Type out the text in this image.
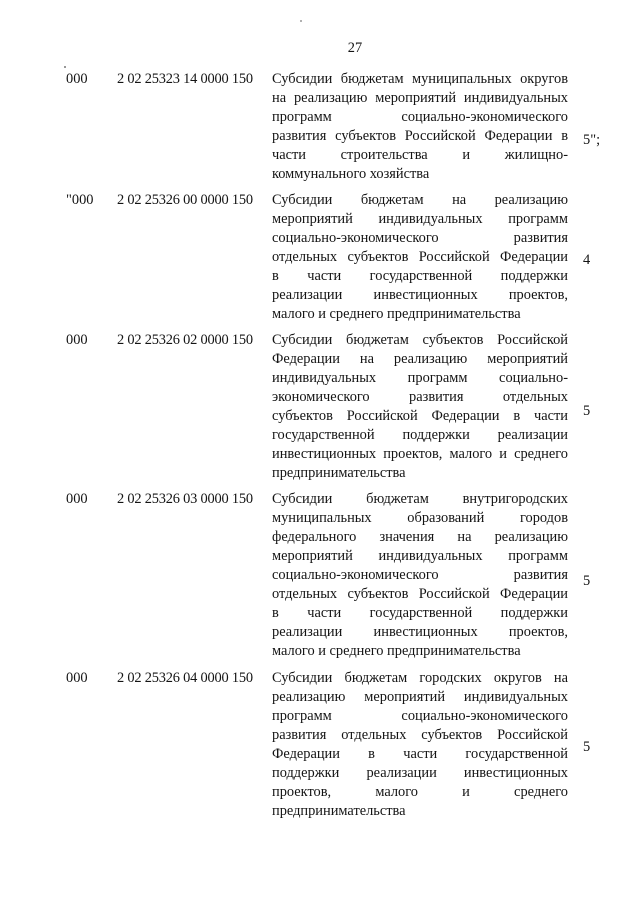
27
000 2 02 25323 14 0000 150 Субсидии бюджетам муниципальных округов
на реализацию мероприятий индивидуальных
программ социально-экономического
развития субъектов Российской Федерации в
части строительства и жилищно-
коммунального хозяйства
5";
"000 2 02 25326 00 0000 150 Субсидии бюджетам на реализацию
мероприятий индивидуальных программ
социально-экономического развития
отдельных субъектов Российской Федерации
в части государственной поддержки
реализации инвестиционных проектов,
малого и среднего предпринимательства
4
000 2 02 25326 02 0000 150 Субсидии бюджетам субъектов Российской
Федерации на реализацию мероприятий
индивидуальных программ социально-
экономического развития отдельных
субъектов Российской Федерации в части
государственной поддержки реализации
инвестиционных проектов, малого и среднего
предпринимательства
5
000 2 02 25326 03 0000 150 Субсидии бюджетам внутригородских
муниципальных образований городов
федерального значения на реализацию
мероприятий индивидуальных программ
социально-экономического развития
отдельных субъектов Российской Федерации
в части государственной поддержки
реализации инвестиционных проектов,
малого и среднего предпринимательства
5
000 2 02 25326 04 0000 150 Субсидии бюджетам городских округов на
реализацию мероприятий индивидуальных
программ социально-экономического
развития отдельных субъектов Российской
Федерации в части государственной
поддержки реализации инвестиционных
проектов, малого и среднего
предпринимательства
5
